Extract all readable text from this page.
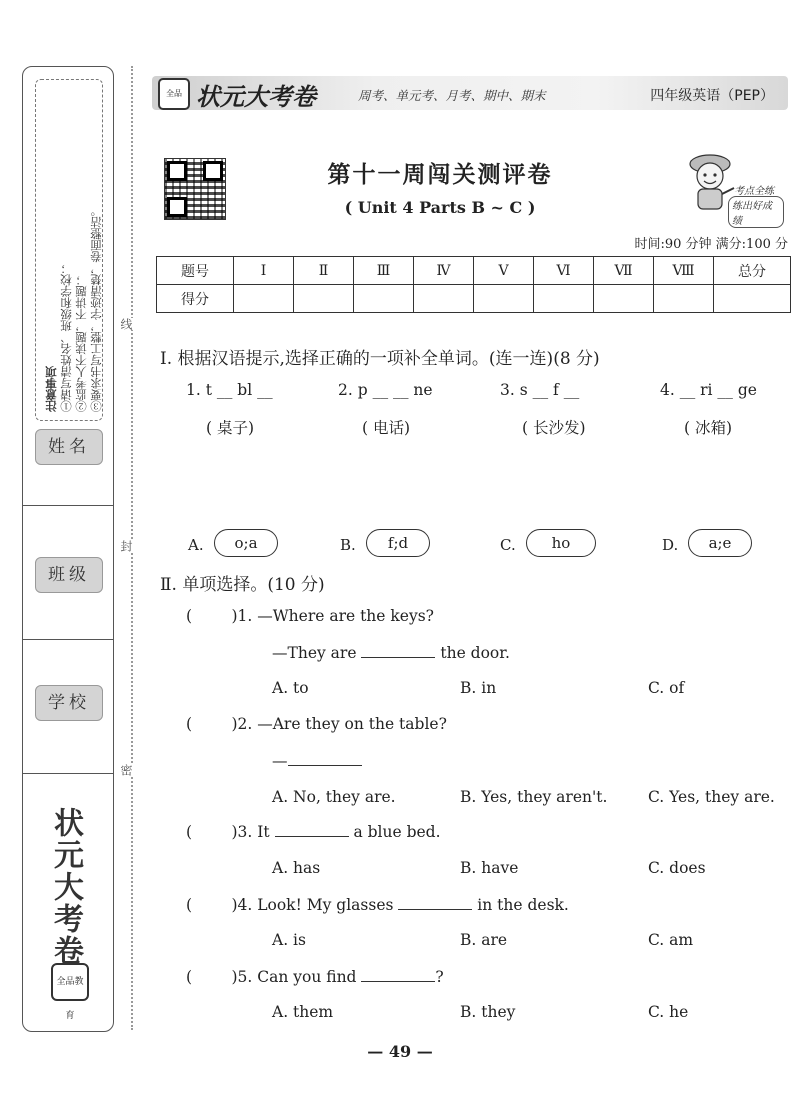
注意事项
①请写清姓名、班级和学校；
②监考人不读题，不讲题；
③要求书写工整，字迹清楚，卷面整洁。
姓名
班级
学校
状元大考卷
全品教育
线
封
密
全品 状元大考卷	周考、单元考、月考、期中、期末	四年级英语（PEP）
第十一周闯关测评卷
( Unit 4 Parts B ~ C )
考点全练
练出好成绩
时间:90 分钟 满分:100 分
题号	Ⅰ	Ⅱ	Ⅲ	Ⅳ	Ⅴ	Ⅵ	Ⅶ	Ⅷ	总分
得分									
Ⅰ. 根据汉语提示,选择正确的一项补全单词。(连一连)(8 分)
1. t __ bl __	2. p __ __ ne	3. s __ f __	4. __ ri __ ge
( 桌子)	( 电话)	( 长沙发)	( 冰箱)
A.	o;a	B.	f;d	C.	ho	D.	a;e
Ⅱ. 单项选择。(10 分)
(        )1. —Where are the keys?
—They are	the door.
A. to	B. in	C. of
(        )2. —Are they on the table?
—
A. No, they are.	B. Yes, they aren't.	C. Yes, they are.
(        )3. It	a blue bed.
A. has	B. have	C. does
(        )4. Look! My glasses	in the desk.
A. is	B. are	C. am
(        )5. Can you find	?
A. them	B. they	C. he
— 49 —
